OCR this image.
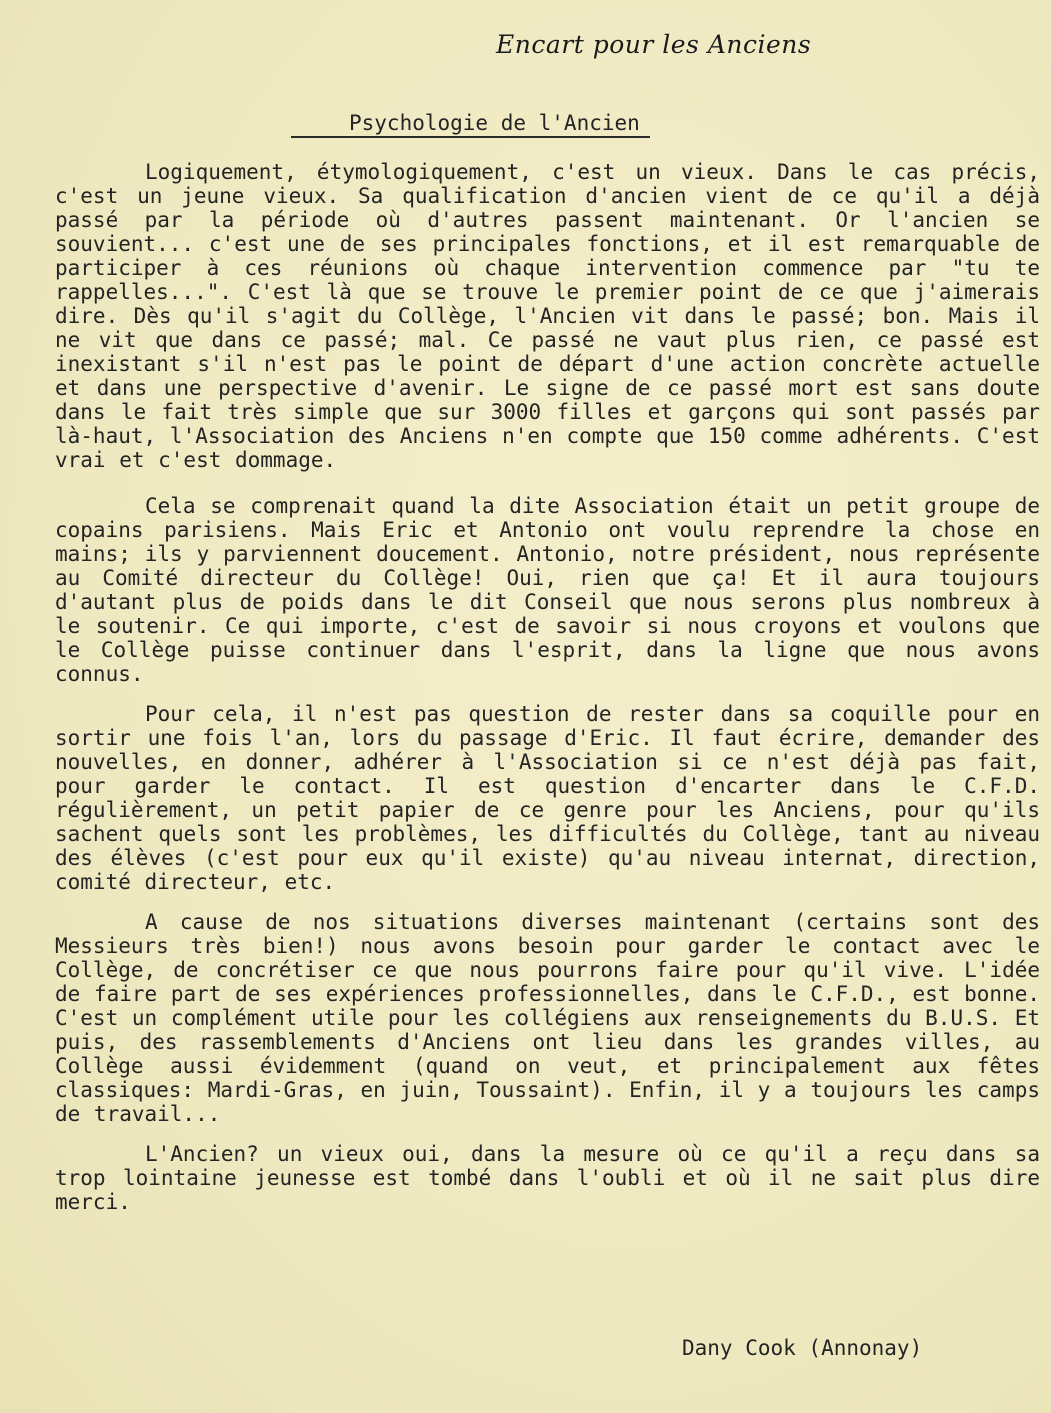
Encart pour les Anciens
Psychologie de l'Ancien

Logiquement, étymologiquement, c'est un vieux. Dans le cas précis, c'est un jeune vieux. Sa qualification d'ancien vient de ce qu'il a déjà passé par la période où d'autres passent maintenant. Or l'ancien se souvient... c'est une de ses principales fonctions, et il est remarquable de participer à ces réunions où chaque intervention commence par "tu te rappelles...". C'est là que se trouve le premier point de ce que j'aimerais dire. Dès qu'il s'agit du Collège, l'Ancien vit dans le passé; bon. Mais il ne vit que dans ce passé; mal. Ce passé ne vaut plus rien, ce passé est inexistant s'il n'est pas le point de départ d'une action concrète actuelle et dans une perspective d'avenir. Le signe de ce passé mort est sans doute dans le fait très simple que sur 3000 filles et garçons qui sont passés par là-haut, l'Association des Anciens n'en compte que 150 comme adhérents. C'est vrai et c'est dommage.

Cela se comprenait quand la dite Association était un petit groupe de copains parisiens. Mais Eric et Antonio ont voulu reprendre la chose en mains; ils y parviennent doucement. Antonio, notre président, nous représente au Comité directeur du Collège! Oui, rien que ça! Et il aura toujours d'autant plus de poids dans le dit Conseil que nous serons plus nombreux à le soutenir. Ce qui importe, c'est de savoir si nous croyons et voulons que le Collège puisse continuer dans l'esprit, dans la ligne que nous avons connus.

Pour cela, il n'est pas question de rester dans sa coquille pour en sortir une fois l'an, lors du passage d'Eric. Il faut écrire, demander des nouvelles, en donner, adhérer à l'Association si ce n'est déjà pas fait, pour garder le contact. Il est question d'encarter dans le C.F.D. régulièrement, un petit papier de ce genre pour les Anciens, pour qu'ils sachent quels sont les problèmes, les difficultés du Collège, tant au niveau des élèves (c'est pour eux qu'il existe) qu'au niveau internat, direction, comité directeur, etc.

A cause de nos situations diverses maintenant (certains sont des Messieurs très bien!) nous avons besoin pour garder le contact avec le Collège, de concrétiser ce que nous pourrons faire pour qu'il vive. L'idée de faire part de ses expériences professionnelles, dans le C.F.D., est bonne. C'est un complément utile pour les collégiens aux renseignements du B.U.S. Et puis, des rassemblements d'Anciens ont lieu dans les grandes villes, au Collège aussi évidemment (quand on veut, et principalement aux fêtes classiques: Mardi-Gras, en juin, Toussaint). Enfin, il y a toujours les camps de travail...

L'Ancien? un vieux oui, dans la mesure où ce qu'il a reçu dans sa trop lointaine jeunesse est tombé dans l'oubli et où il ne sait plus dire merci.

Dany Cook (Annonay)
